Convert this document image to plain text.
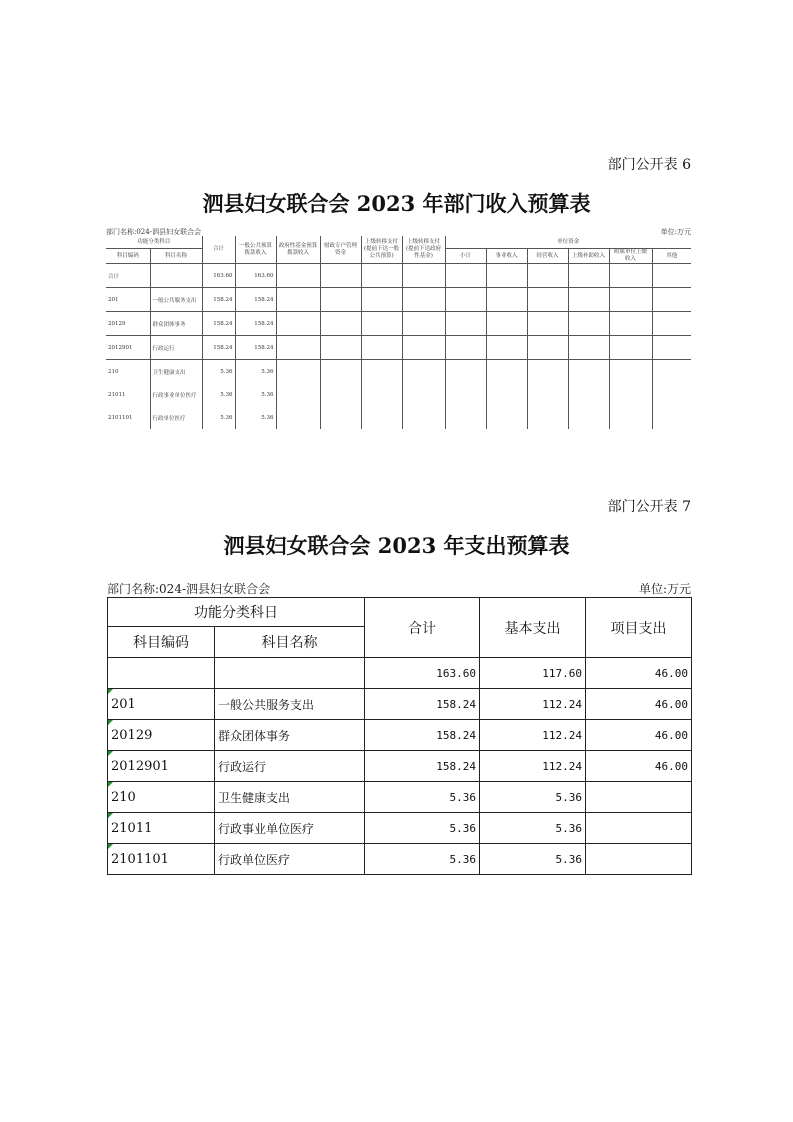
部门公开表 6
泗县妇女联合会 2023 年部门收入预算表
部门名称:024-泗县妇女联合会	单位:万元
功能分类科目		合计	一般公共预算拨款收入	政府性基金预算拨款收入	财政专户管理资金	上级转移支付(提前下达一般公共预算)	上级转移支付(提前下达政府性基金)	单位资金					
科目编码	科目名称							小计	事业收入	经营收入	上级补助收入	附属单位上缴收入	其他
合计		163.60	163.60										
201	一般公共服务支出	158.24	158.24										
20129	群众团体事务	158.24	158.24										
2012901	行政运行	158.24	158.24										
210	卫生健康支出	5.36	5.36										
21011	行政事业单位医疗	5.36	5.36										
2101101	行政单位医疗	5.36	5.36										
部门公开表 7
泗县妇女联合会 2023 年支出预算表
部门名称:024-泗县妇女联合会	单位:万元
功能分类科日		合计	基本支出	项目支出
科目编码	科目名称			
		163.60	117.60	46.00
201	一般公共服务支出	158.24	112.24	46.00
20129	群众团体事务	158.24	112.24	46.00
2012901	行政运行	158.24	112.24	46.00
210	卫生健康支出	5.36	5.36	
21011	行政事业单位医疗	5.36	5.36	
2101101	行政单位医疗	5.36	5.36	
